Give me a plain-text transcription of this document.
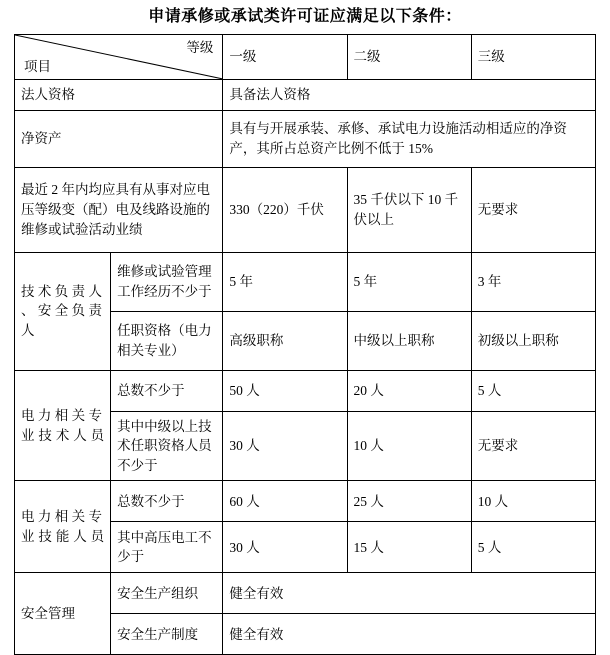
申请承修或承试类许可证应满足以下条件：
等级
项目		一级	二级	三级
法人资格		具备法人资格		
净资产		具有与开展承装、承修、承试电力设施活动相适应的净资产，其所占总资产比例不低于 15%		
最近 2 年内均应具有从事对应电压等级变（配）电及线路设施的维修或试验活动业绩		330（220）千伏	35 千伏以下 10 千伏以上	无要求
技 术 负 责 人 、 安 全 负 责 人	维修或试验管理工作经历不少于	5 年	5 年	3 年
	任职资格（电力相关专业）	高级职称	中级以上职称	初级以上职称
电 力 相 关 专 业 技 术 人 员	总数不少于	50 人	20 人	5 人
	其中中级以上技术任职资格人员不少于	30 人	10 人	无要求
电 力 相 关 专 业 技 能 人 员	总数不少于	60 人	25 人	10 人
	其中高压电工不少于	30 人	15 人	5 人
安全管理	安全生产组织	健全有效		
	安全生产制度	健全有效		
